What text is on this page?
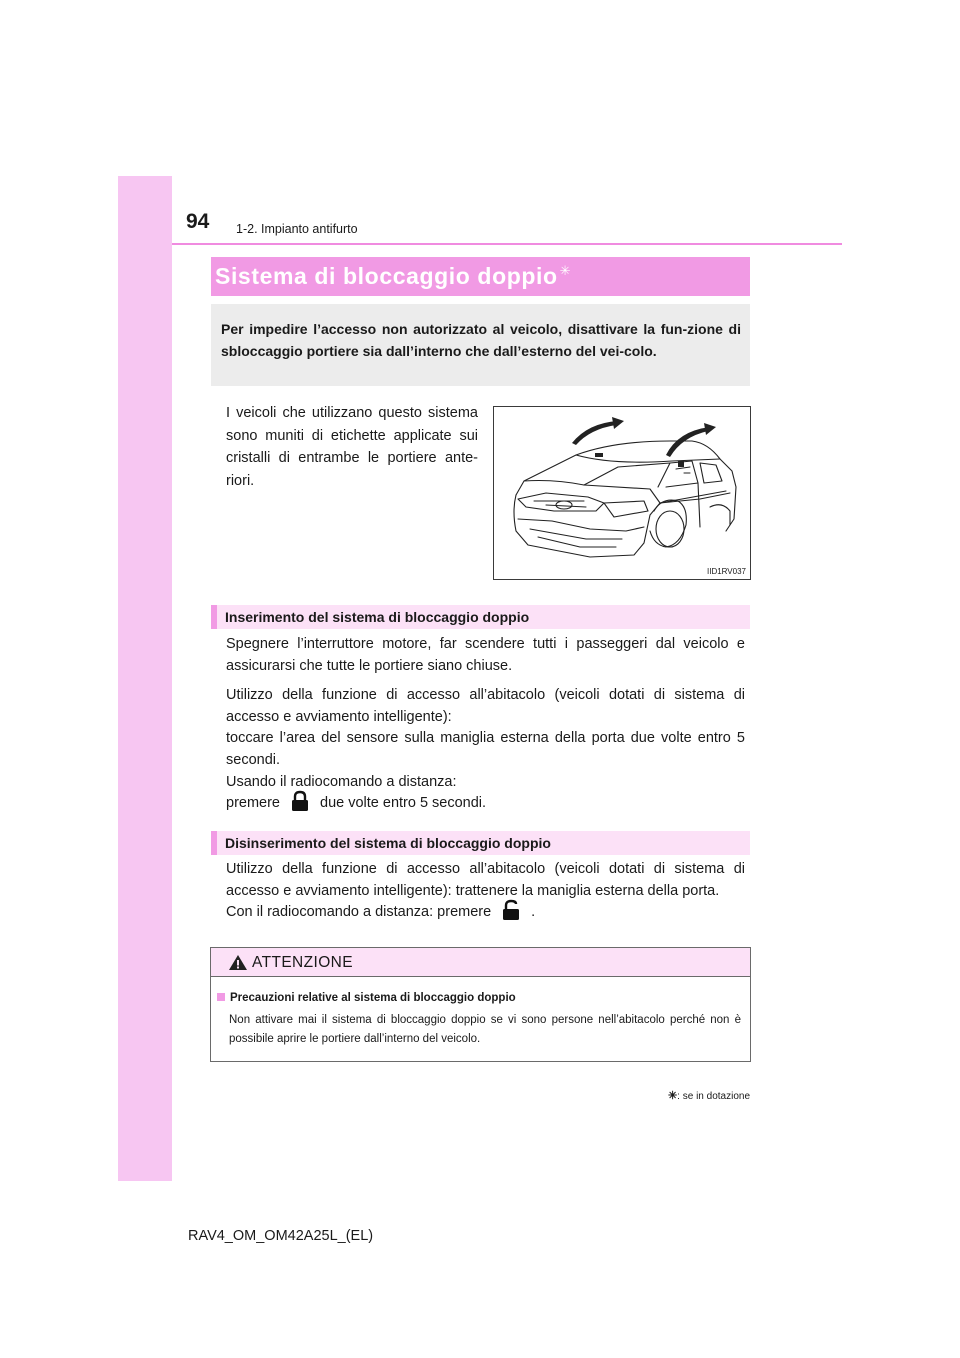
94 1-2. Impianto antifurto
Sistema di bloccaggio doppio ✳

Per impedire l’accesso non autorizzato al veicolo, disattivare la fun-zione di sbloccaggio portiere sia dall’interno che dall’esterno del vei-colo.

I veicoli che utilizzano questo sistema sono muniti di etichette applicate sui cristalli di entrambe le portiere ante-riori.

IID1RV037
Inserimento del sistema di bloccaggio doppio

Spegnere l’interruttore motore, far scendere tutti i passeggeri dal veicolo e assicurarsi che tutte le portiere siano chiuse.

Utilizzo della funzione di accesso all’abitacolo (veicoli dotati di sistema di accesso e avviamento intelligente):

toccare l’area del sensore sulla maniglia esterna della porta due volte entro 5 secondi.

Usando il radiocomando a distanza:

premere	due volte entro 5 secondi.

Disinserimento del sistema di bloccaggio doppio

Utilizzo della funzione di accesso all’abitacolo (veicoli dotati di sistema di accesso e avviamento intelligente): trattenere la maniglia esterna della porta.

Con il radiocomando a distanza: premere	.

ATTENZIONE
Precauzioni relative al sistema di bloccaggio doppio
Non attivare mai il sistema di bloccaggio doppio se vi sono persone nell’abitacolo perché non è possibile aprire le portiere dall’interno del veicolo.
✳: se in dotazione
RAV4_OM_OM42A25L_(EL)
